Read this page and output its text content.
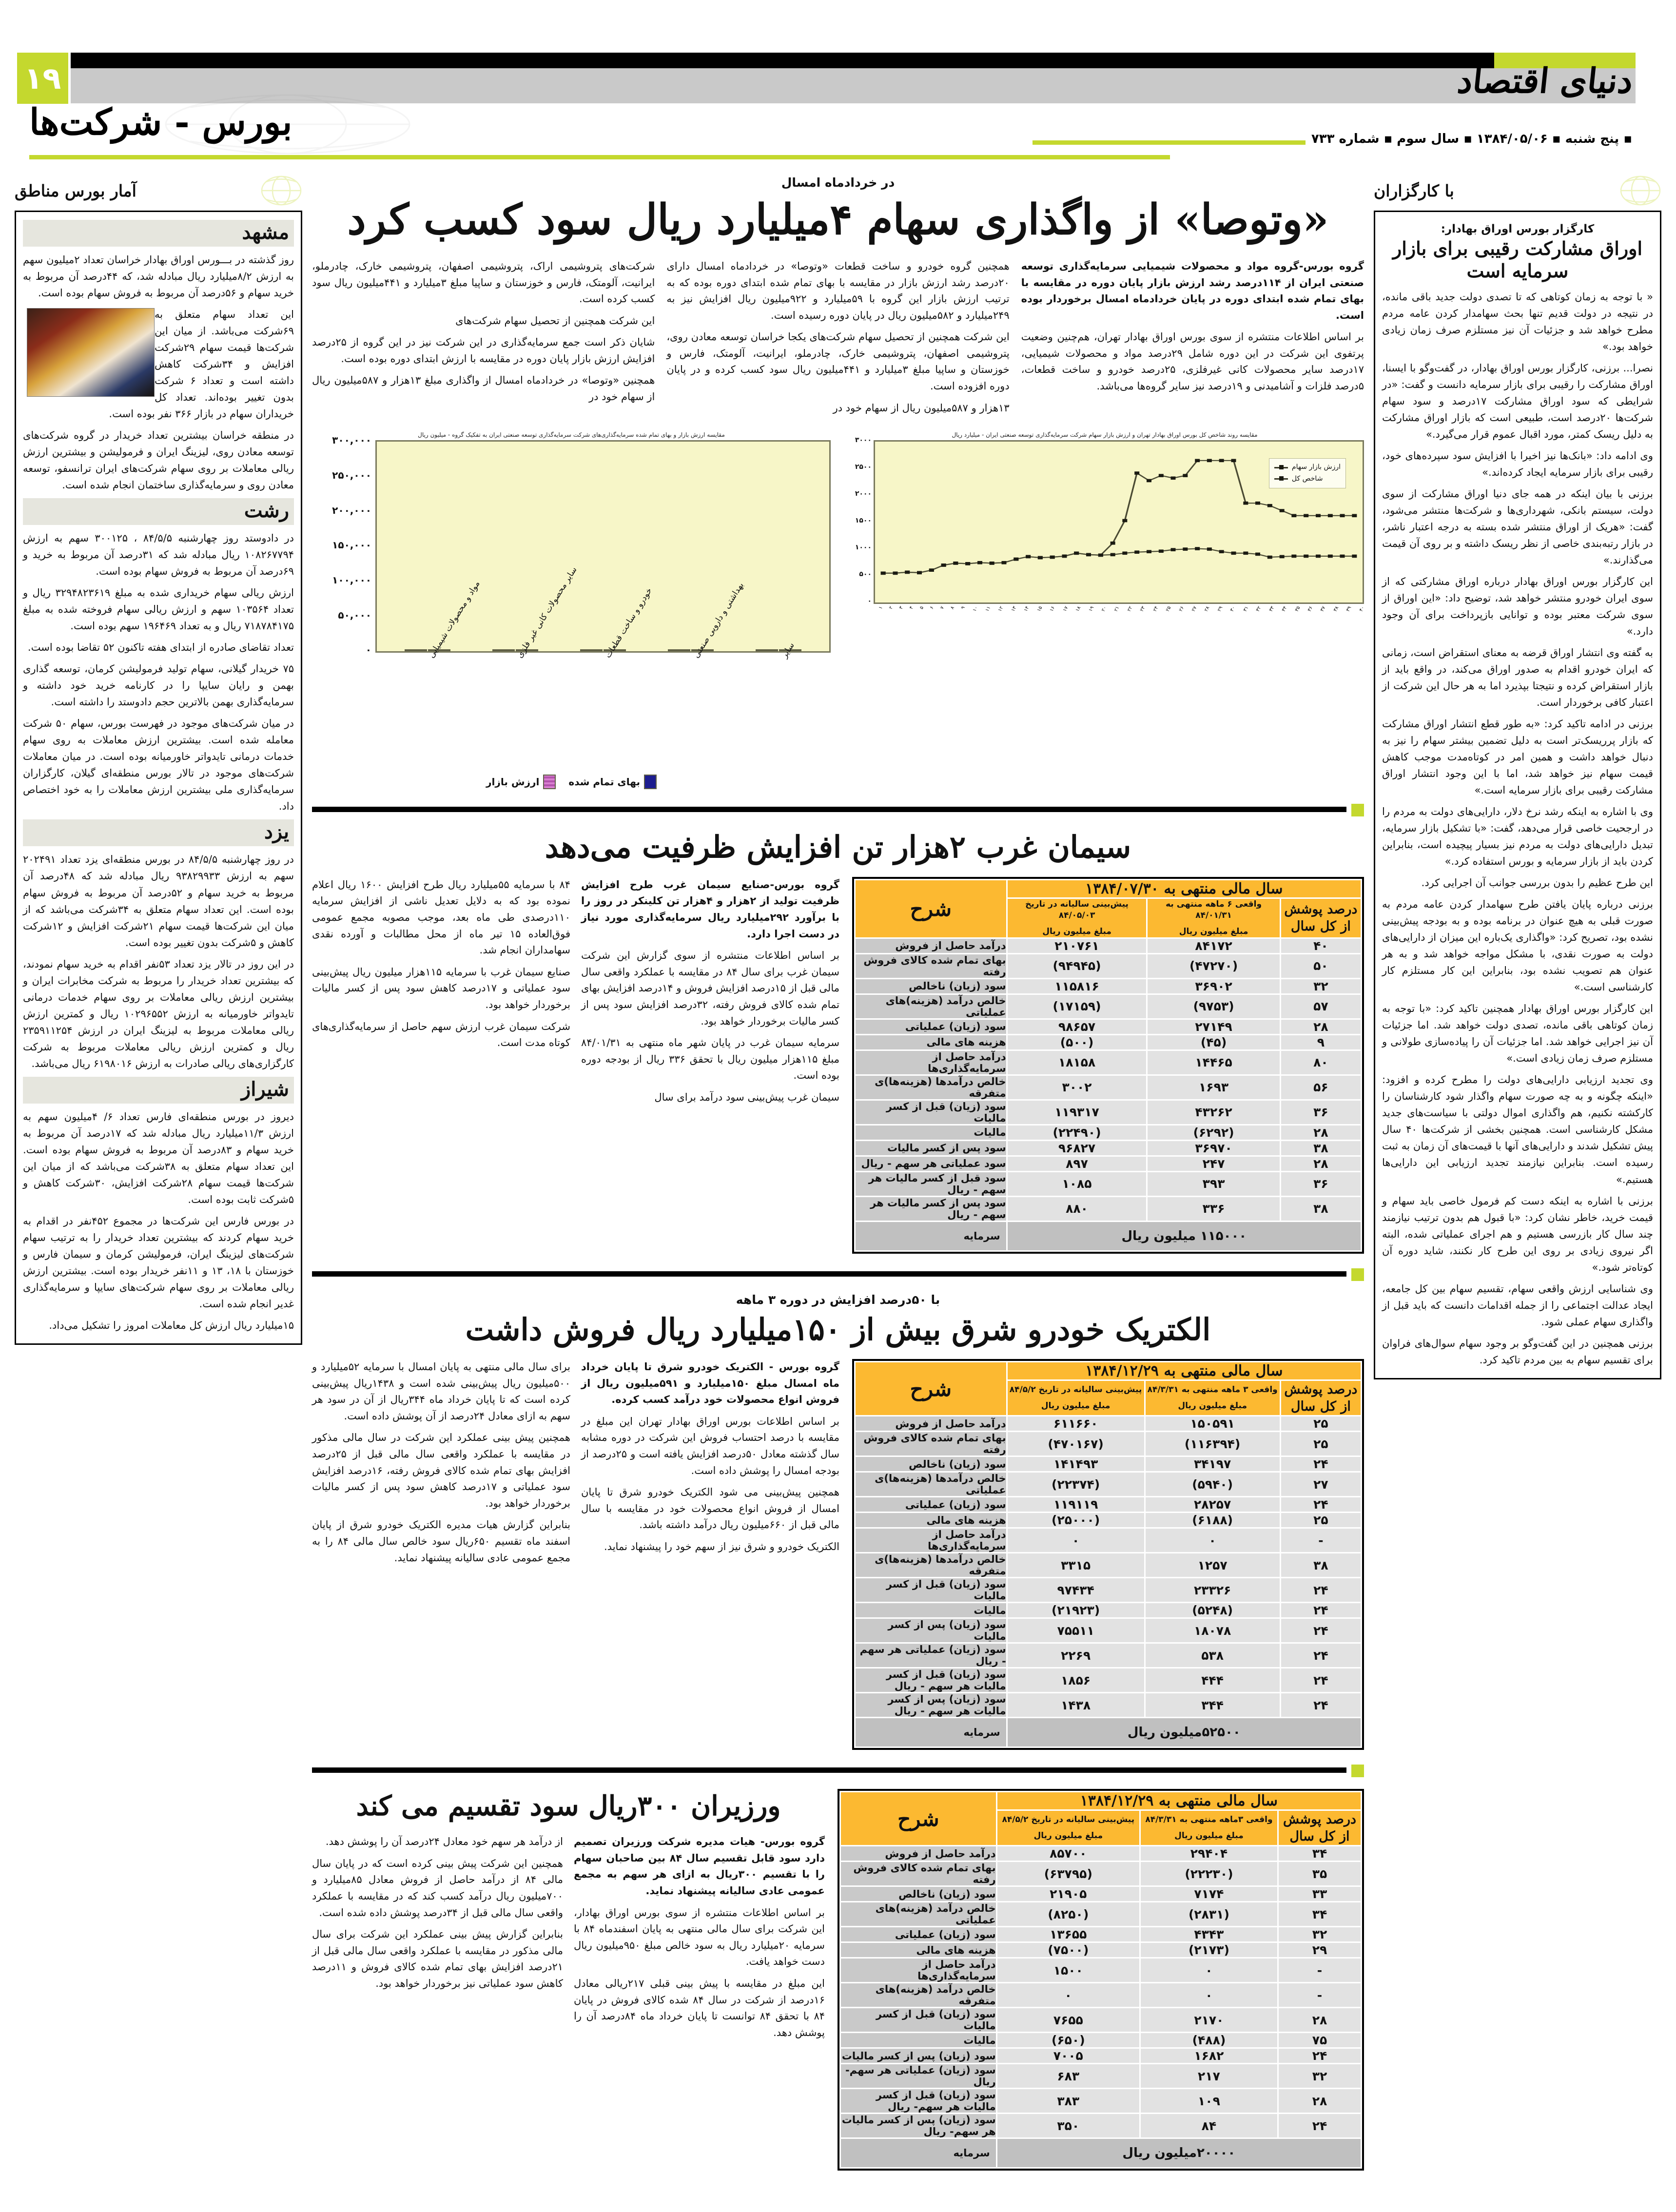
۱۹	دنیای اقتصاد
بورس - شرکت‌ها	▪ پنج شنبه ▪ ۱۳۸۴/۰۵/۰۶ ▪ سال سوم ▪ شماره ۷۳۳
آمار بورس مناطق
مشهد

روز گذشته در بـــورس اوراق بهادار خراسان تعداد ۲میلیون سهم به ارزش ۸/۲میلیارد ریال مبادله شد، که ۴۴درصد آن مربوط به خرید سهام و ۵۶درصد آن مربوط به فروش سهام بوده است.

این تعداد سهام متعلق به ۶۹شرکت می‌باشد. از میان این شرکت‌ها قیمت سهام ۲۹شرکت افزایش و ۳۴شرکت کاهش داشته است و تعداد ۶ شرکت بدون تغییر بوده‌اند. تعداد کل خریداران سهام در بازار ۳۶۶ نفر بوده است.

در منطقه خراسان بیشترین تعداد خریدار در گروه شرکت‌های توسعه معادن روی، لیزینگ ایران و فرمولیشن و بیشترین ارزش ریالی معاملات بر روی سهام شرکت‌های ایران ترانسفو، توسعه معادن روی و سرمایه‌گذاری ساختمان انجام شده است.

رشت

در دادوستد روز چهارشنبه ۸۴/۵/۵ ، ۳۰۰۱۲۵ سهم به ارزش ۱۰۸۲۶۷۷۹۴ ریال مبادله شد که ۳۱درصد آن مربوط به خرید و ۶۹درصد آن مربوط به فروش سهام بوده است.

ارزش ریالی سهام خریداری شده به مبلغ ۳۲۹۴۸۲۳۶۱۹ ریال و تعداد ۱۰۳۵۶۴ سهم و ارزش ریالی سهام فروخته شده به مبلغ ۷۱۸۷۸۴۱۷۵ ریال و به تعداد ۱۹۶۴۶۹ سهم بوده است.

تعداد تقاضای صادره از ابتدای هفته تاکنون ۵۲ تقاضا بوده است.

۷۵ خریدار گیلانی، سهام تولید فرمولیشن کرمان، توسعه گذاری بهمن و رایان سایپا را در کارنامه خرید خود داشته و سرمایه‌گذاری بهمن بالاترین حجم دادوستد را داشته است.

در میان شرکت‌های موجود در فهرست بورس، سهام ۵۰ شرکت معامله شده است. بیشترین ارزش معاملات به روی سهام خدمات درمانی تایدواتر خاورمیانه بوده است. در میان معاملات شرکت‌های موجود در تالار بورس منطقه‌ای گیلان، کارگزاران سرمایه‌گذاری ملی بیشترین ارزش معاملات را به خود اختصاص داد.

یزد

در روز چهارشنبه ۸۴/۵/۵ در بورس منطقه‌ای یزد تعداد ۲۰۲۴۹۱ سهم به ارزش ۹۳۸۲۹۹۳۳ ریال مبادله شد که ۴۸درصد آن مربوط به خرید سهام و ۵۲درصد آن مربوط به فروش سهام بوده است. این تعداد سهام متعلق به ۳۴شرکت می‌باشد که از میان این شرکت‌ها قیمت سهام ۲۱شرکت افزایش و ۱۲شرکت کاهش و ۵شرکت بدون تغییر بوده است.

در این روز در تالار یزد تعداد ۵۳نفر اقدام به خرید سهام نمودند، که بیشترین تعداد خریدار را مربوط به شرکت مخابرات ایران و بیشترین ارزش ریالی معاملات بر روی سهام خدمات درمانی تایدواتر خاورمیانه به ارزش ۱۰۲۹۶۵۵۲ ریال و کمترین ارزش ریالی معاملات مربوط به لیزینگ ایران در ارزش ۲۳۵۹۱۱۲۵۴ ریال و کمترین ارزش ریالی معاملات مربوط به شرکت کارگزاری‌های ریالی صادرات به ارزش ۶۱۹۸۰۱۶ ریال می‌باشد.

شیراز

دیروز در بورس منطقه‌ای فارس تعداد ۶/ ۴میلیون سهم به ارزش ۱۱/۳میلیارد ریال مبادله شد که ۱۷درصد آن مربوط به خرید سهام و ۸۳درصد آن مربوط به فروش سهام بوده است. این تعداد سهام متعلق به ۳۸شرکت می‌باشد که از میان این شرکت‌ها قیمت سهام ۲۸شرکت افزایش، ۳۰شرکت کاهش و ۵شرکت ثابت بوده است.

در بورس فارس این شرکت‌ها در مجموع ۴۵۲نفر در اقدام به خرید سهام کردند که بیشترین تعداد خریدار را به ترتیب سهام شرکت‌های لیزینگ ایران، فرمولیشن کرمان و سیمان فارس و خوزستان با ۱۸، ۱۳ و ۱۱نفر خریدار بوده است. بیشترین ارزش ریالی معاملات بر روی سهام شرکت‌های سایپا و سرمایه‌گذاری غدیر انجام شده است.

۱۵میلیارد ریال ارزش کل معاملات امروز را تشکیل می‌داد.

با کارگزاران
کارگزار بورس اوراق بهادار:
اوراق مشارکت رقیبی برای بازار سرمایه است

« با توجه به زمان کوتاهی که تا تصدی دولت جدید باقی مانده، در نتیجه در دولت قدیم تنها بحث سهامدار کردن عامه مردم مطرح خواهد شد و جزئیات آن نیز مستلزم صرف زمان زیادی خواهد بود.»

نصرا... برزنی، کارگزار بورس اوراق بهادار، در گفت‌وگو با ایسنا، اوراق مشارکت را رقیبی برای بازار سرمایه دانست و گفت: «در شرایطی که سود اوراق مشارکت ۱۷درصد و سود سهام شرکت‌ها ۲۰درصد است، طبیعی است که بازار اوراق مشارکت به دلیل ریسک کمتر، مورد اقبال عموم قرار می‌گیرد.»

وی ادامه داد: «بانک‌ها نیز اخیرا با افزایش سود سپرده‌های خود، رقیبی برای بازار سرمایه ایجاد کرده‌اند.»

برزنی با بیان اینکه در همه جای دنیا اوراق مشارکت از سوی دولت، سیستم بانکی، شهرداری‌ها و شرکت‌ها منتشر می‌شود، گفت: «هریک از اوراق منتشر شده بسته به درجه اعتبار ناشر، در بازار رتبه‌بندی خاصی از نظر ریسک داشته و بر روی آن قیمت می‌گذارند.»

این کارگزار بورس اوراق بهادار درباره اوراق مشارکتی که از سوی ایران خودرو منتشر خواهد شد، توضیح داد: «این اوراق از سوی شرکت معتبر بوده و توانایی بازپرداخت برای آن وجود دارد.»

به گفته وی انتشار اوراق قرضه به معنای استقراض است، زمانی که ایران خودرو اقدام به صدور اوراق می‌کند، در واقع باید از بازار استقراض کرده و نتیجتا بپذیرد اما به هر حال این شرکت از اعتبار کافی برخوردار است.

برزنی در ادامه تاکید کرد: «به طور قطع انتشار اوراق مشارکت که بازار پرریسک‌تر است به دلیل تضمین بیشتر سهام را نیز به دنبال خواهد داشت و همین امر در کوتاه‌مدت موجب کاهش قیمت سهام نیز خواهد شد، اما با این وجود انتشار اوراق مشارکت رقیبی برای بازار سرمایه است.»

وی با اشاره به اینکه رشد نرخ دلار، دارایی‌های دولت به مردم را در ارجحیت خاصی قرار می‌دهد، گفت: «با تشکیل بازار سرمایه، تبدیل دارایی‌های دولت به مردم نیز بسیار پیچیده است، بنابراین کردن باید از بازار سرمایه و بورس استفاده کرد.»

این طرح عظیم را بدون بررسی جوانب آن اجرایی کرد.

برزنی درباره پایان یافتن طرح سهامدار کردن عامه مردم به صورت قبلی به هیچ عنوان در برنامه بوده و به بودجه پیش‌بینی نشده بود، تصریح کرد: «واگذاری یک‌باره این میزان از دارایی‌های دولت به صورت نقدی، با مشکل مواجه خواهد شد و به هر عنوان هم تصویب نشده بود، بنابراین این کار مستلزم کار کارشناسی است.»

این کارگزار بورس اوراق بهادار همچنین تاکید کرد: «با توجه به زمان کوتاهی باقی مانده، تصدی دولت خواهد شد. اما جزئیات آن نیز اجرایی خواهد شد. اما جزئیات آن را پیاده‌سازی طولانی و مستلزم صرف زمان زیادی است.»

وی تجدید ارزیابی دارایی‌های دولت را مطرح کرده و افزود: «اینکه چگونه و به چه صورت سهام واگذار شود کارشناسان را کارکشته نکنیم، هم واگذاری اموال دولتی با سیاست‌های جدید مشکل کارشناسی است. همچنین بخشی از شرکت‌ها ۴۰ سال پیش تشکیل شدند و دارایی‌های آنها با قیمت‌های آن زمان به ثبت رسیده است. بنابراین نیازمند تجدید ارزیابی این دارایی‌ها هستیم.»

برزنی با اشاره به اینکه دست کم فرمول خاصی باید سهام و قیمت خرید، خاطر نشان کرد: «با قبول هم بدون ترتیب نیازمند چند سال کار بازرسی هستیم و هم اجرای عملیاتی شده، البته اگر نیروی زیادی بر روی این طرح کار نکنند، شاید دوره آن کوتاه‌تر شود.»

وی شناسایی ارزش واقعی سهام، تقسیم سهام بین کل جامعه، ایجاد عدالت اجتماعی را از جمله اقدامات دانست که باید قبل از واگذاری سهام عملی شود.

برزنی همچنین در این گفت‌وگو بر وجود سهام سوال‌های فراوان برای تقسیم سهام به بین مردم تاکید کرد.

در خردادماه امسال
«وتوصا» از واگذاری سهام ۴میلیارد ریال سود کسب کرد

گروه بورس-گروه مواد و محصولات شیمیایی سرمایه‌گذاری توسعه صنعتی ایران از ۱۱۴درصد رشد ارزش بازار پایان دوره در مقایسه با بهای تمام شده ابتدای دوره در پایان خردادماه امسال برخوردار بوده است.

بر اساس اطلاعات منتشره از سوی بورس اوراق بهادار تهران، هم‌چنین وضعیت پرتفوی این شرکت در این دوره شامل ۲۹درصد مواد و محصولات شیمیایی، ۱۷درصد سایر محصولات کانی غیرفلزی، ۲۵درصد خودرو و ساخت قطعات، ۵درصد فلزات و آشامیدنی و ۱۹درصد نیز سایر گروه‌ها می‌باشد.

همچنین گروه خودرو و ساخت قطعات «وتوصا» در خردادماه امسال دارای ۲۰درصد رشد ارزش بازار در مقایسه با بهای تمام شده ابتدای دوره بوده که به ترتیب ارزش بازار این گروه با ۵۹میلیارد و ۹۲۲میلیون ریال افزایش نیز به ۲۴۹میلیارد و ۵۸۲میلیون ریال در پایان دوره رسیده است.

این شرکت همچنین از تحصیل سهام شرکت‌های یکجا خراسان توسعه معادن روی، پتروشیمی اصفهان، پتروشیمی خارک، چادرملو، ایرانیت، آلومتک، فارس و خوزستان و ساپیا مبلغ ۳میلیارد و ۴۴۱میلیون ریال سود کسب کرده و در پایان دوره افزوده است.

۱۳هزار و ۵۸۷میلیون ریال از سهام خود در

شرکت‌های پتروشیمی اراک، پتروشیمی اصفهان، پتروشیمی خارک، چادرملو، ایرانیت، آلومتک، فارس و خوزستان و ساپیا مبلغ ۳میلیارد و ۴۴۱میلیون ریال سود کسب کرده است.

این شرکت همچنین از تحصیل سهام شرکت‌های

شایان ذکر است جمع سرمایه‌گذاری در این شرکت نیز در این گروه از ۲۵درصد افزایش ارزش بازار پایان دوره در مقایسه با ارزش ابتدای دوره بوده است.

همچنین «وتوصا» در خردادماه امسال از واگذاری مبلغ ۱۳هزار و ۵۸۷میلیون ریال از سهام خود در

مقایسه روند شاخص کل بورس اوراق بهادار تهران و ارزش بازار سهام شرکت سرمایه‌گذاری توسعه صنعتی ایران - میلیارد ریال
۳۰۰۰
۲۵۰۰
۲۰۰۰
۱۵۰۰
۱۰۰۰
۵۰۰
۰
ارزش بازار سهام
شاخص کل
۱ ۲ ۳ ۴ ۵ ۶ ۷ ۸ ۹ ۱۰ ۱۱ ۱۲ ۱۳ ۱۴ ۱۵ ۱۶ ۱۷ ۱۸ ۱۹ ۲۰ ۲۱ ۲۲ ۲۳ ۲۴ ۲۵ ۲۶ ۲۷ ۲۸ ۲۹ ۳۰ ۳۱ ۳۲ ۳۳ ۳۴ ۳۵ ۳۶ ۳۷ ۳۸ ۳۹ ۴۰
مقایسه ارزش بازار و بهای تمام شده سرمایه‌گذاری‌های شرکت سرمایه‌گذاری توسعه صنعتی ایران به تفکیک گروه - میلیون ریال
۳۰۰,۰۰۰
۲۵۰,۰۰۰
۲۰۰,۰۰۰
۱۵۰,۰۰۰
۱۰۰,۰۰۰
۵۰,۰۰۰
۰
بهای تمام شده
ارزش بازار
سیمان غرب ۲هزار تن افزایش ظرفیت می‌دهد
سال مالی منتهی به ۱۳۸۴/۰۷/۳۰			شرح
درصد پوشش از کل سال	واقعی ۶ ماهه منتهی به ۸۴/۰۱/۳۱
مبلغ میلیون ریال	پیش‌بینی سالیانه در تاریخ ۸۴/۰۵/۰۳
مبلغ میلیون ریال	

۴۰	۸۴۱۷۲	۲۱۰۷۶۱	درآمد حاصل از فروش
۵۰	(۴۷۲۷۰)	(۹۴۹۴۵)	بهای تمام شده کالای فروش رفته
۳۲	۳۶۹۰۲	۱۱۵۸۱۶	سود (زیان) ناخالص
۵۷	(۹۷۵۳)	(۱۷۱۵۹)	خالص درآمد (هزینه)های عملیاتی
۲۸	۲۷۱۴۹	۹۸۶۵۷	سود (زیان) عملیاتی
۹	(۴۵)	(۵۰۰)	هزینه های مالی
۸۰	۱۴۴۶۵	۱۸۱۵۸	درآمد حاصل از سرمایه‌گذاری‌ها
۵۶	۱۶۹۳	۳۰۰۲	خالص درآمدها (هزینه‌ها)ی متفرقه
۳۶	۴۳۲۶۲	۱۱۹۳۱۷	سود (زیان) قبل از کسر مالیات
۲۸	(۶۲۹۲)	(۲۲۴۹۰)	مالیات
۳۸	۳۶۹۷۰	۹۶۸۲۷	سود پس از کسر مالیات
۲۸	۲۴۷	۸۹۷	سود عملیاتی هر سهم - ریال
۳۶	۳۹۳	۱۰۸۵	سود قبل از کسر مالیات هر سهم - ریال
۳۸	۳۳۶	۸۸۰	سود پس از کسر مالیات هر سهم - ریال
۱۱۵۰۰۰ میلیون ریال			سرمایه

گروه بورس-صنایع سیمان غرب طرح افزایش ظرفیت تولید از ۲هزار و ۴هزار تن کلینکر در روز را با برآورد ۲۹۲میلیارد ریال سرمایه‌گذاری مورد نیاز در دست اجرا دارد.

بر اساس اطلاعات منتشره از سوی گزارش این شرکت سیمان غرب برای سال ۸۴ در مقایسه با عملکرد واقعی سال مالی قبل از ۱۵درصد افزایش فروش و ۱۴درصد افزایش بهای تمام شده کالای فروش رفته، ۳۲درصد افزایش سود پس از کسر مالیات برخوردار خواهد بود.

سرمایه سیمان غرب در پایان شهر ماه منتهی به ۸۴/۰۱/۳۱ مبلغ ۱۱۵هزار میلیون ریال با تحقق ۳۳۶ ریال از بودجه دوره بوده است.

سیمان غرب پیش‌بینی سود درآمد برای سال

۸۴ با سرمایه ۵۵میلیارد ریال طرح افزایش ۱۶۰۰ ریال اعلام نموده بود که به دلایل تعدیل ناشی از افزایش سرمایه ۱۱۰درصدی طی ماه بعد، موجب مصوبه مجمع عمومی فوق‌العاده ۱۵ تیر ماه از محل مطالبات و آورده نقدی سهامداران انجام شد.

صنایع سیمان غرب با سرمایه ۱۱۵هزار میلیون ریال پیش‌بینی سود عملیاتی و ۱۷درصد کاهش سود پس از کسر مالیات برخوردار خواهد بود.

شرکت سیمان غرب ارزش سهم حاصل از سرمایه‌گذاری‌های کوتاه مدت است.

با ۵۰درصد افزایش در دوره ۳ ماهه
الکتریک خودرو شرق بیش از ۱۵۰میلیارد ریال فروش داشت
سال مالی منتهی به ۱۳۸۴/۱۲/۲۹			شرح
درصد پوشش از کل سال	واقعی ۳ ماهه منتهی به ۸۴/۳/۳۱
مبلغ میلیون ریال	پیش‌بینی سالیانه در تاریخ ۸۴/۵/۲
مبلغ میلیون ریال	

۲۵	۱۵۰۵۹۱	۶۱۱۶۶۰	درآمد حاصل از فروش
۲۵	(۱۱۶۳۹۴)	(۴۷۰۱۶۷)	بهای تمام شده کالای فروش رفته
۲۴	۳۴۱۹۷	۱۴۱۴۹۳	سود (زیان) ناخالص
۲۷	(۵۹۴۰)	(۲۲۳۷۴)	خالص درآمدها (هزینه‌ها)ی عملیاتی
۲۴	۲۸۲۵۷	۱۱۹۱۱۹	سود (زیان) عملیاتی
۲۵	(۶۱۸۸)	(۲۵۰۰۰)	هزینه های مالی
-	۰	۰	درآمد حاصل از سرمایه‌گذاری‌ها
۳۸	۱۲۵۷	۳۳۱۵	خالص درآمدها (هزینه‌ها)ی متفرقه
۲۴	۲۳۳۲۶	۹۷۴۳۴	سود (زیان) قبل از کسر مالیات
۲۴	(۵۲۴۸)	(۲۱۹۲۳)	مالیات
۲۴	۱۸۰۷۸	۷۵۵۱۱	سود (زیان) پس از کسر مالیات
۲۴	۵۳۸	۲۲۶۹	سود (زیان) عملیاتی هر سهم - ریال
۲۴	۴۴۴	۱۸۵۶	سود (زیان) قبل از کسر مالیات هر سهم - ریال
۲۴	۳۴۴	۱۴۳۸	سود (زیان) پس از کسر مالیات هر سهم - ریال
۵۲۵۰۰میلیون ریال			سرمایه

گروه بورس - الکتریک خودرو شرق تا پایان خرداد ماه امسال مبلغ ۱۵۰میلیارد و ۵۹۱میلیون ریال از فروش انواع محصولات خود درآمد کسب کرده.

بر اساس اطلاعات بورس اوراق بهادار تهران این مبلغ در مقایسه با درصد احتساب فروش این شرکت در دوره مشابه سال گذشته معادل ۵۰درصد افزایش یافته است و ۲۵درصد از بودجه امسال را پوشش داده است.

همچنین پیش‌بینی می شود الکتریک خودرو شرق تا پایان امسال از فروش انواع محصولات خود در مقایسه با سال مالی قبل از ۶۶۰میلیون ریال درآمد داشته باشد.

الکتریک خودرو و شرق نیز از سهم خود را پیشنهاد نماید.

برای سال مالی منتهی به پایان امسال با سرمایه ۵۲میلیارد و ۵۰۰میلیون ریال پیش‌بینی شده است و ۱۴۳۸ریال پیش‌بینی کرده است که تا پایان خرداد ماه ۳۴۴ریال از آن در سود هر سهم به ازای معادل ۲۴درصد از آن پوشش داده است.

همچنین پیش بینی عملکرد این شرکت در سال مالی مذکور در مقایسه با عملکرد واقعی سال مالی قبل از ۲۵درصد افزایش بهای تمام شده کالای فروش رفته، ۱۶درصد افزایش سود عملیاتی و ۱۷درصد کاهش سود پس از کسر مالیات برخوردار خواهد بود.

بنابراین گزارش هیات مدیره الکتریک خودرو شرق از پایان اسفند ماه تقسیم ۶۵۰ریال سود خالص سال مالی ۸۴ را به مجمع عمومی عادی سالیانه پیشنهاد نماید.

سال مالی منتهی به ۱۳۸۴/۱۲/۲۹			شرح
درصد پوشش از کل سال	واقعی ۳ماهه منتهی به ۸۴/۳/۳۱
مبلغ میلیون ریال	پیش‌بینی سالیانه در تاریخ ۸۴/۵/۲
مبلغ میلیون ریال	

۳۴	۲۹۴۰۴	۸۵۷۰۰	درآمد حاصل از فروش
۳۵	(۲۲۲۳۰)	(۶۳۷۹۵)	بهای تمام شده کالای فروش رفته
۳۳	۷۱۷۴	۲۱۹۰۵	سود (زیان) ناخالص
۳۴	(۲۸۳۱)	(۸۲۵۰)	خالص درآمد (هزینه)های عملیاتی
۳۲	۴۳۴۳	۱۳۶۵۵	سود (زیان) عملیاتی
۲۹	(۲۱۷۳)	(۷۵۰۰)	هزینه های مالی
-	۰	۱۵۰۰	درآمد حاصل از سرمایه‌گذاری‌ها
-	۰	۰	خالص درآمد (هزینه)های متفرقه
۲۸	۲۱۷۰	۷۶۵۵	سود (زیان) قبل از کسر مالیات
۷۵	(۴۸۸)	(۶۵۰)	مالیات
۲۴	۱۶۸۲	۷۰۰۵	سود (زیان) پس از کسر مالیات
۳۲	۲۱۷	۶۸۳	سود (زیان) عملیاتی هر سهم- ریال
۲۸	۱۰۹	۳۸۳	سود (زیان) قبل از کسر مالیات هر سهم- ریال
۲۴	۸۴	۳۵۰	سود (زیان) پس از کسر مالیات هر سهم- ریال
۲۰۰۰۰میلیون ریال			سرمایه
ورزیران ۳۰۰ریال سود تقسیم می کند

گروه بورس- هیات مدیره شرکت ورزیران تصمیم دارد سود قابل تقسیم سال ۸۴ بین صاحبان سهام را با تقسیم ۳۰۰ریال به ازای هر سهم به مجمع عمومی عادی سالیانه پیشنهاد نماید.

بر اساس اطلاعات منتشره از سوی بورس اوراق بهادار، این شرکت برای سال مالی منتهی به پایان اسفندماه ۸۴ با سرمایه ۲۰میلیارد ریال به سود خالص مبلغ ۹۵۰میلیون ریال دست خواهد یافت.

این مبلغ در مقایسه با پیش بینی قبلی ۲۱۷ریالی معادل ۱۶درصد از شرکت در سال ۸۴ شده کالای فروش در پایان ۸۴ با تحقق ۸۴ توانست تا پایان خرداد ماه ۸۴درصد آن را پوشش دهد.

از درآمد هر سهم خود معادل ۲۴درصد آن را پوشش دهد.

همچنین این شرکت پیش بینی کرده است که در پایان سال مالی ۸۴ از درآمد حاصل از فروش معادل ۸۵میلیارد و ۷۰۰میلیون ریال درآمد کسب کند که در مقایسه با عملکرد واقعی سال مالی قبل از ۳۴درصد پوشش داده شده است.

بنابراین گزارش پیش بینی عملکرد این شرکت برای سال مالی مذکور در مقایسه با عملکرد واقعی سال مالی قبل از ۲۱درصد افزایش بهای تمام شده کالای فروش و ۱۱درصد کاهش سود عملیاتی نیز برخوردار خواهد بود.
